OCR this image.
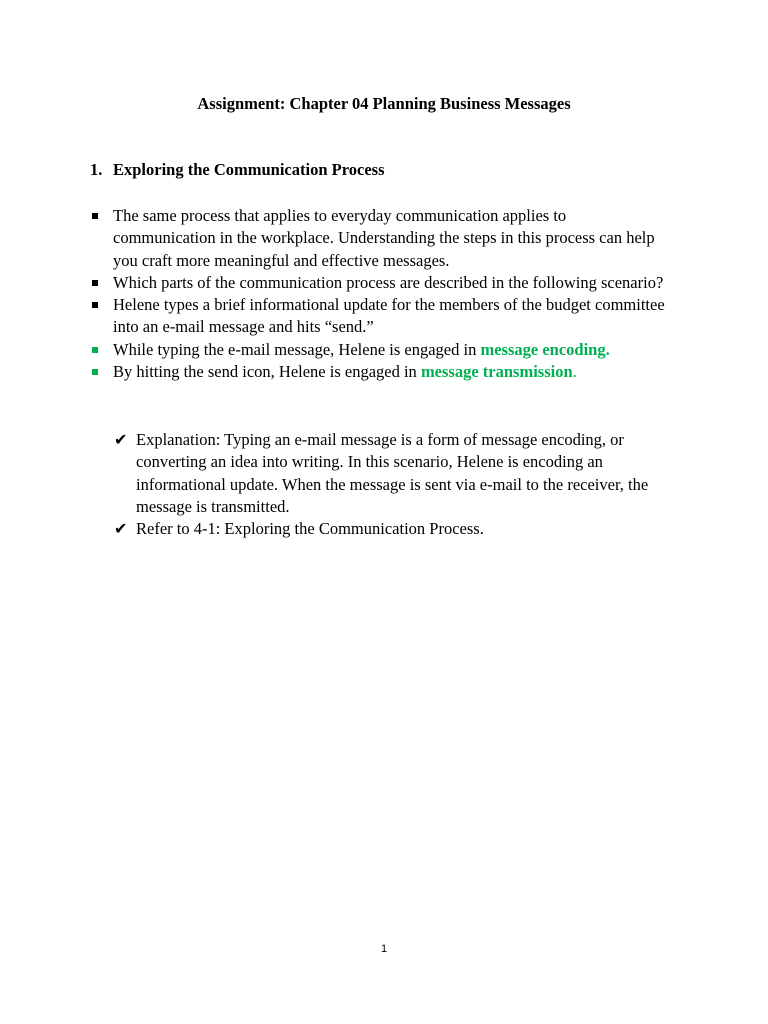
Assignment: Chapter 04 Planning Business Messages
1. Exploring the Communication Process
The same process that applies to everyday communication applies to communication in the workplace. Understanding the steps in this process can help you craft more meaningful and effective messages.
Which parts of the communication process are described in the following scenario?
Helene types a brief informational update for the members of the budget committee into an e-mail message and hits “send.”
While typing the e-mail message, Helene is engaged in message encoding.
By hitting the send icon, Helene is engaged in message transmission.
✔ Explanation: Typing an e-mail message is a form of message encoding, or converting an idea into writing. In this scenario, Helene is encoding an informational update. When the message is sent via e-mail to the receiver, the message is transmitted.
✔ Refer to 4-1: Exploring the Communication Process.
1
